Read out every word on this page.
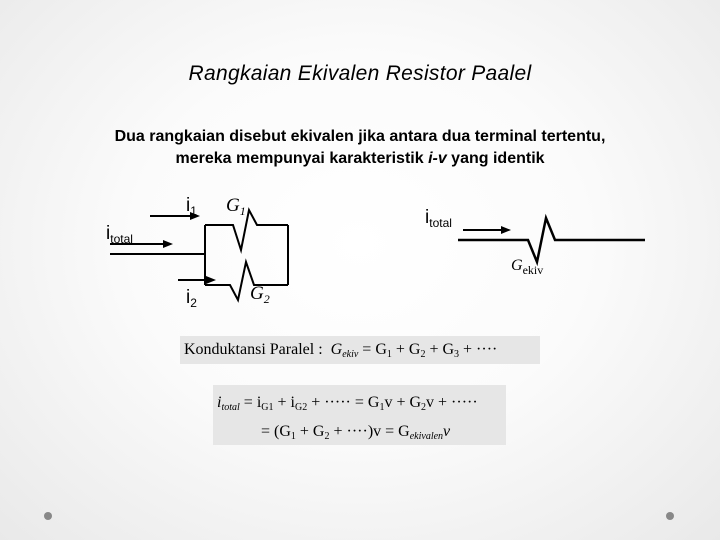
Rangkaian Ekivalen Resistor Paalel
Dua rangkaian disebut ekivalen jika antara dua terminal tertentu,
mereka mempunyai karakteristik i-v yang identik
$i_1$ $G_1$
$i_{total}$
$i_2$	$G_2$
$i_{total}$
$G_{ekiv}$
Konduktansi Paralel : $G_{ekiv} = G_1 + G_2 + G_3$ + ····
$i_{total} = i_{G1} + i_{G2}$ + ····· = $G_1v + G_2v$ + ·····
= $(G_1 + G_2 + \cdot\cdot\cdot\cdot)v = G_{ekivalen}v$
